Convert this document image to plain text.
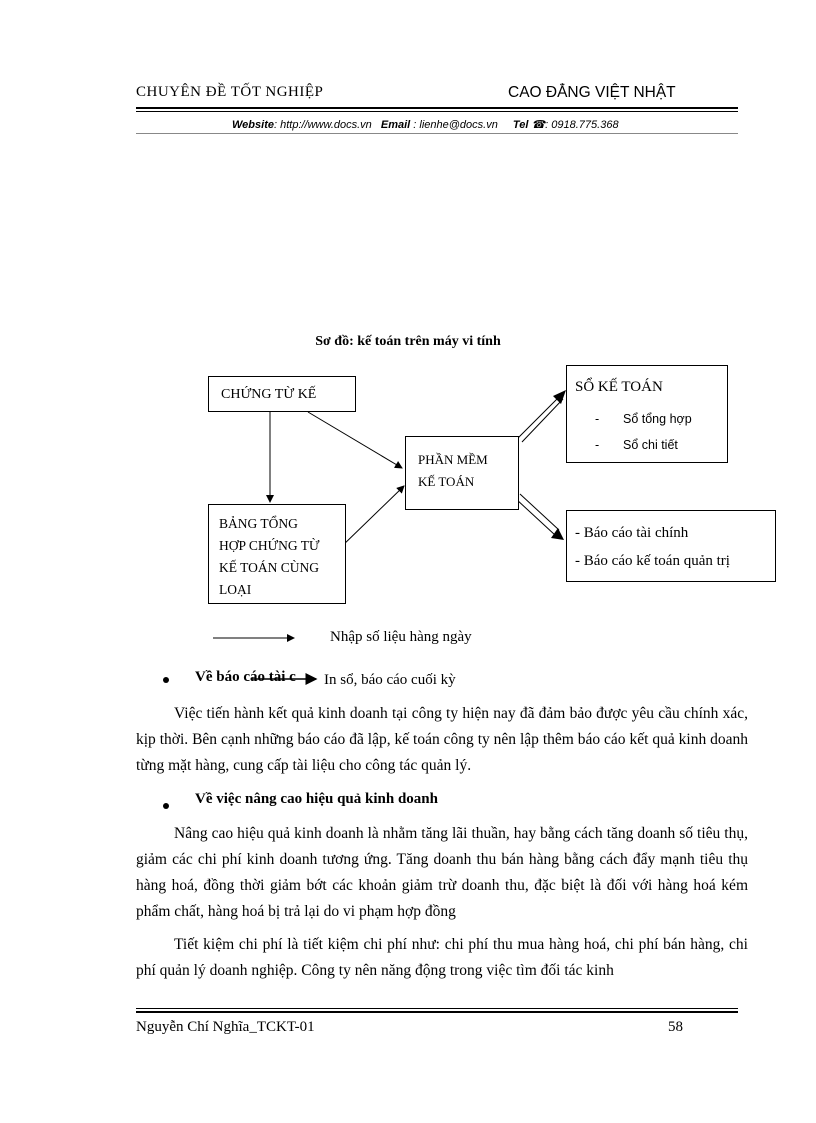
CHUYÊN ĐỀ TỐT NGHIỆP	CAO ĐẲNG VIỆT NHẬT
Website: http://www.docs.vn Email : lienhe@docs.vn Tel ☎: 0918.775.368
Sơ đồ: kế toán trên máy vi tính
CHỨNG TỪ KẾ
BẢNG TỔNG
HỢP CHỨNG TỪ
KẾ TOÁN CÙNG
LOẠI
PHẦN MỀM
KẾ TOÁN
SỔ KẾ TOÁN
- Sổ tổng hợp
- Sổ chi tiết
- Báo cáo tài chính
- Báo cáo kế toán quản trị
Nhập số liệu hàng ngày
Về báo cáo tài c In sổ, báo cáo cuối kỳ
Việc tiến hành kết quả kinh doanh tại công ty hiện nay đã đảm bảo được yêu cầu chính xác, kịp thời. Bên cạnh những báo cáo đã lập, kế toán công ty nên lập thêm báo cáo kết quả kinh doanh từng mặt hàng, cung cấp tài liệu cho công tác quản lý.
Về việc nâng cao hiệu quả kinh doanh
Nâng cao hiệu quả kinh doanh là nhằm tăng lãi thuần, hay bằng cách tăng doanh số tiêu thụ, giảm các chi phí kinh doanh tương ứng. Tăng doanh thu bán hàng bằng cách đẩy mạnh tiêu thụ hàng hoá, đồng thời giảm bớt các khoản giảm trừ doanh thu, đặc biệt là đối với hàng hoá kém phẩm chất, hàng hoá bị trả lại do vi phạm hợp đồng
Tiết kiệm chi phí là tiết kiệm chi phí như: chi phí thu mua hàng hoá, chi phí bán hàng, chi phí quản lý doanh nghiệp. Công ty nên năng động trong việc tìm đối tác kinh
Nguyễn Chí Nghĩa_TCKT-01	58
